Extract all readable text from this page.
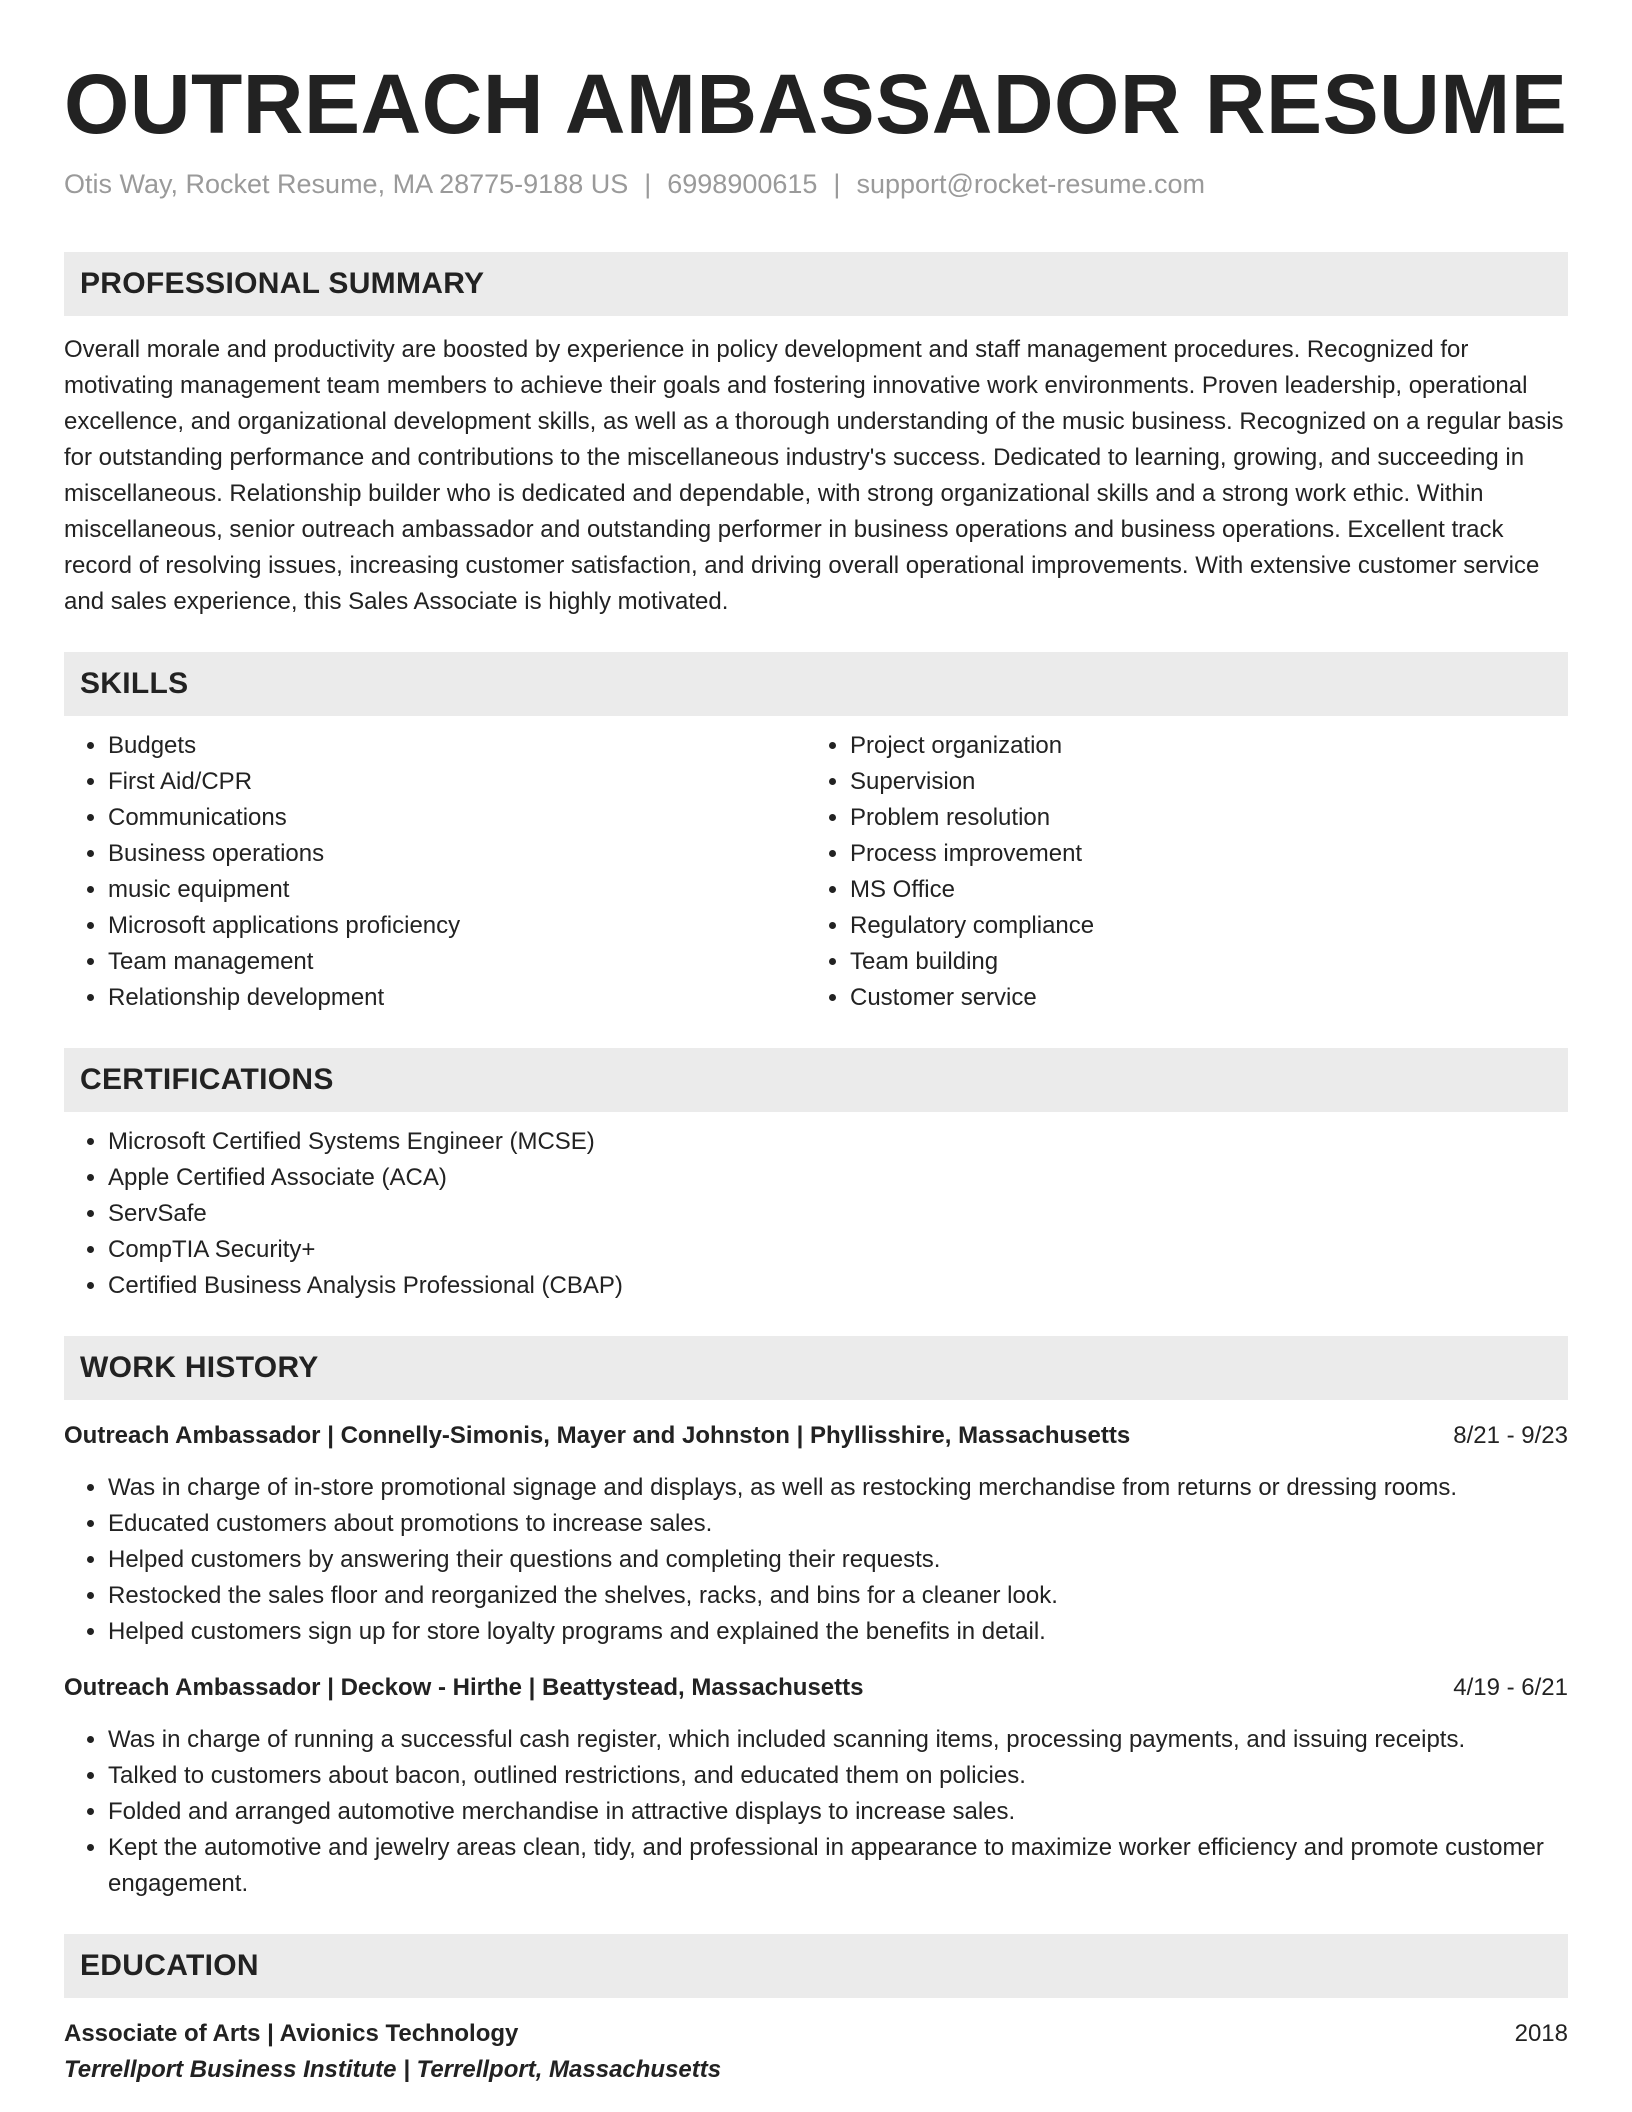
OUTREACH AMBASSADOR RESUME
Otis Way, Rocket Resume, MA 28775-9188 US | 6998900615 | support@rocket-resume.com
PROFESSIONAL SUMMARY
Overall morale and productivity are boosted by experience in policy development and staff management procedures. Recognized for motivating management team members to achieve their goals and fostering innovative work environments. Proven leadership, operational excellence, and organizational development skills, as well as a thorough understanding of the music business. Recognized on a regular basis for outstanding performance and contributions to the miscellaneous industry's success. Dedicated to learning, growing, and succeeding in miscellaneous. Relationship builder who is dedicated and dependable, with strong organizational skills and a strong work ethic. Within miscellaneous, senior outreach ambassador and outstanding performer in business operations and business operations. Excellent track record of resolving issues, increasing customer satisfaction, and driving overall operational improvements. With extensive customer service and sales experience, this Sales Associate is highly motivated.
SKILLS
• Budgets
• First Aid/CPR
• Communications
• Business operations
• music equipment
• Microsoft applications proficiency
• Team management
• Relationship development
• Project organization
• Supervision
• Problem resolution
• Process improvement
• MS Office
• Regulatory compliance
• Team building
• Customer service
CERTIFICATIONS
• Microsoft Certified Systems Engineer (MCSE)
• Apple Certified Associate (ACA)
• ServSafe
• CompTIA Security+
• Certified Business Analysis Professional (CBAP)
WORK HISTORY
Outreach Ambassador | Connelly-Simonis, Mayer and Johnston | Phyllisshire, Massachusetts	8/21 - 9/23
• Was in charge of in-store promotional signage and displays, as well as restocking merchandise from returns or dressing rooms.
• Educated customers about promotions to increase sales.
• Helped customers by answering their questions and completing their requests.
• Restocked the sales floor and reorganized the shelves, racks, and bins for a cleaner look.
• Helped customers sign up for store loyalty programs and explained the benefits in detail.
Outreach Ambassador | Deckow - Hirthe | Beattystead, Massachusetts	4/19 - 6/21
• Was in charge of running a successful cash register, which included scanning items, processing payments, and issuing receipts.
• Talked to customers about bacon, outlined restrictions, and educated them on policies.
• Folded and arranged automotive merchandise in attractive displays to increase sales.
• Kept the automotive and jewelry areas clean, tidy, and professional in appearance to maximize worker efficiency and promote customer engagement.
EDUCATION
Associate of Arts | Avionics Technology	2018
Terrellport Business Institute | Terrellport, Massachusetts
